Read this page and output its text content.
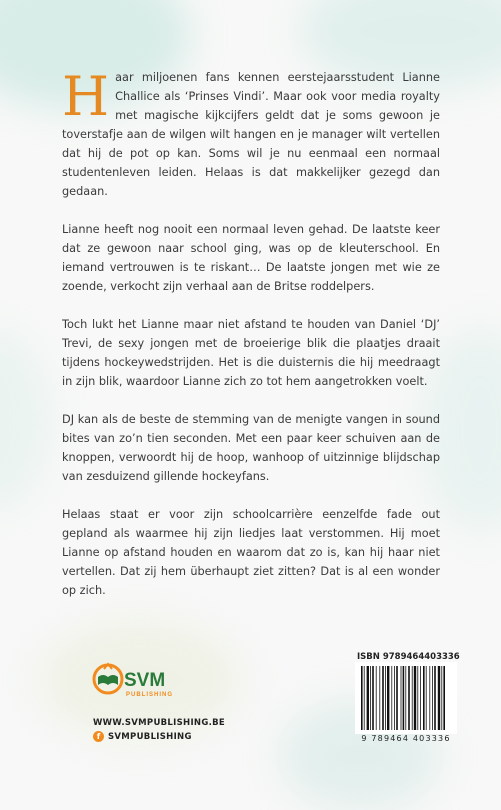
Haar miljoenen fans kennen eerstejaarsstudent Lianne Challice als ‘Prinses Vindi’. Maar ook voor media royalty met magische kijkcijfers geldt dat je soms gewoon je toverstafje aan de wilgen wilt hangen en je manager wilt vertellen dat hij de pot op kan. Soms wil je nu eenmaal een normaal studentenleven leiden. Helaas is dat makkelijker gezegd dan gedaan.

Lianne heeft nog nooit een normaal leven gehad. De laatste keer dat ze gewoon naar school ging, was op de kleuterschool. En iemand vertrouwen is te riskant… De laatste jongen met wie ze zoende, verkocht zijn verhaal aan de Britse roddelpers.

Toch lukt het Lianne maar niet afstand te houden van Daniel ‘DJ’ Trevi, de sexy jongen met de broeierige blik die plaatjes draait tijdens hockeywedstrijden. Het is die duisternis die hij meedraagt in zijn blik, waardoor Lianne zich zo tot hem aangetrokken voelt.

DJ kan als de beste de stemming van de menigte vangen in sound bites van zo’n tien seconden. Met een paar keer schuiven aan de knoppen, verwoordt hij de hoop, wanhoop of uitzinnige blijdschap van zesduizend gillende hockeyfans.

Helaas staat er voor zijn schoolcarrière eenzelfde fade out gepland als waarmee hij zijn liedjes laat verstommen. Hij moet Lianne op afstand houden en waarom dat zo is, kan hij haar niet vertellen. Dat zij hem überhaupt ziet zitten? Dat is al een wonder op zich.

SVM
PUBLISHING
WWW.SVMPUBLISHING.BE
f SVMPUBLISHING
ISBN 9789464403336
9 789464 403336
